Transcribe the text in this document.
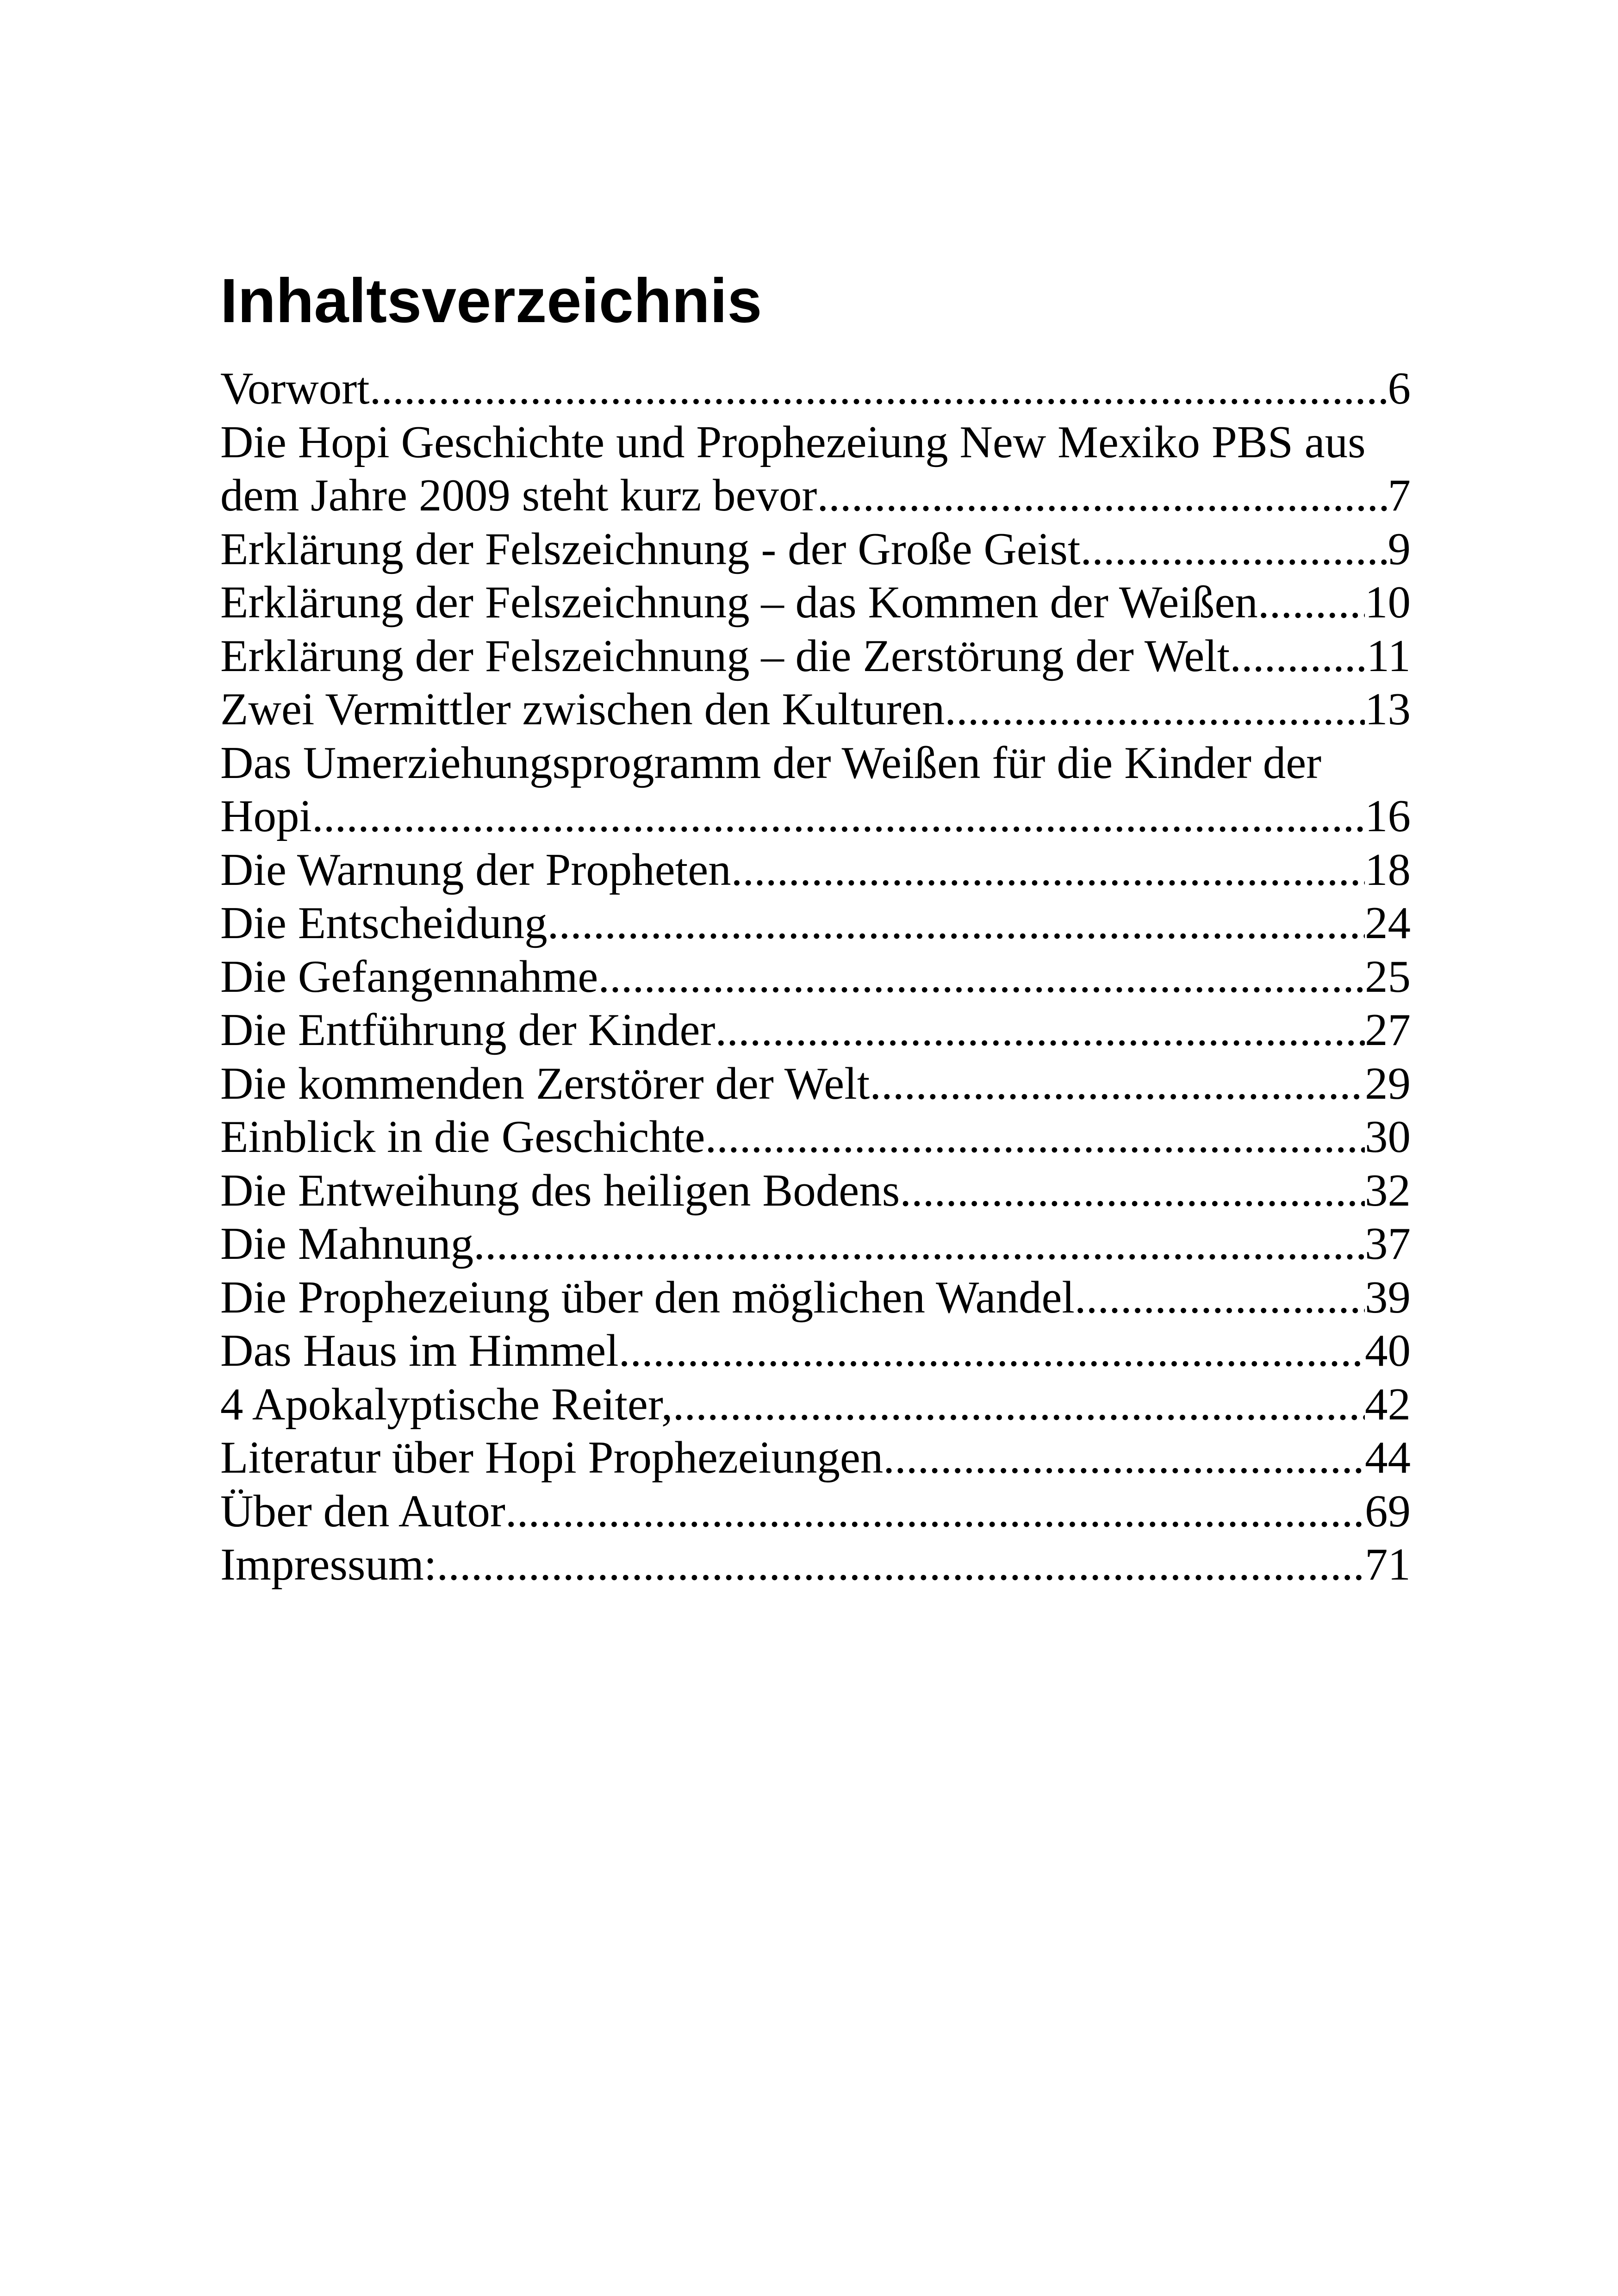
Inhaltsverzeichnis
Vorwort .....	6
Die Hopi Geschichte und Prophezeiung New Mexiko PBS aus
dem Jahre 2009 steht kurz bevor .....	7
Erklärung der Felszeichnung - der Große Geist .....	9
Erklärung der Felszeichnung – das Kommen der Weißen ..... 10
Erklärung der Felszeichnung – die Zerstörung der Welt .....	11
Zwei Vermittler zwischen den Kulturen .....	13
Das Umerziehungsprogramm der Weißen für die Kinder der
Hopi .....	16
Die Warnung der Propheten .....	18
Die Entscheidung .....	24
Die Gefangennahme .....	25
Die Entführung der Kinder .....	27
Die kommenden Zerstörer der Welt .....	29
Einblick in die Geschichte .....	30
Die Entweihung des heiligen Bodens .....	32
Die Mahnung .....	37
Die Prophezeiung über den möglichen Wandel .....	39
Das Haus im Himmel .....	40
4 Apokalyptische Reiter, .....	42
Literatur über Hopi Prophezeiungen .....	44
Über den Autor .....	69
Impressum: .....	71
